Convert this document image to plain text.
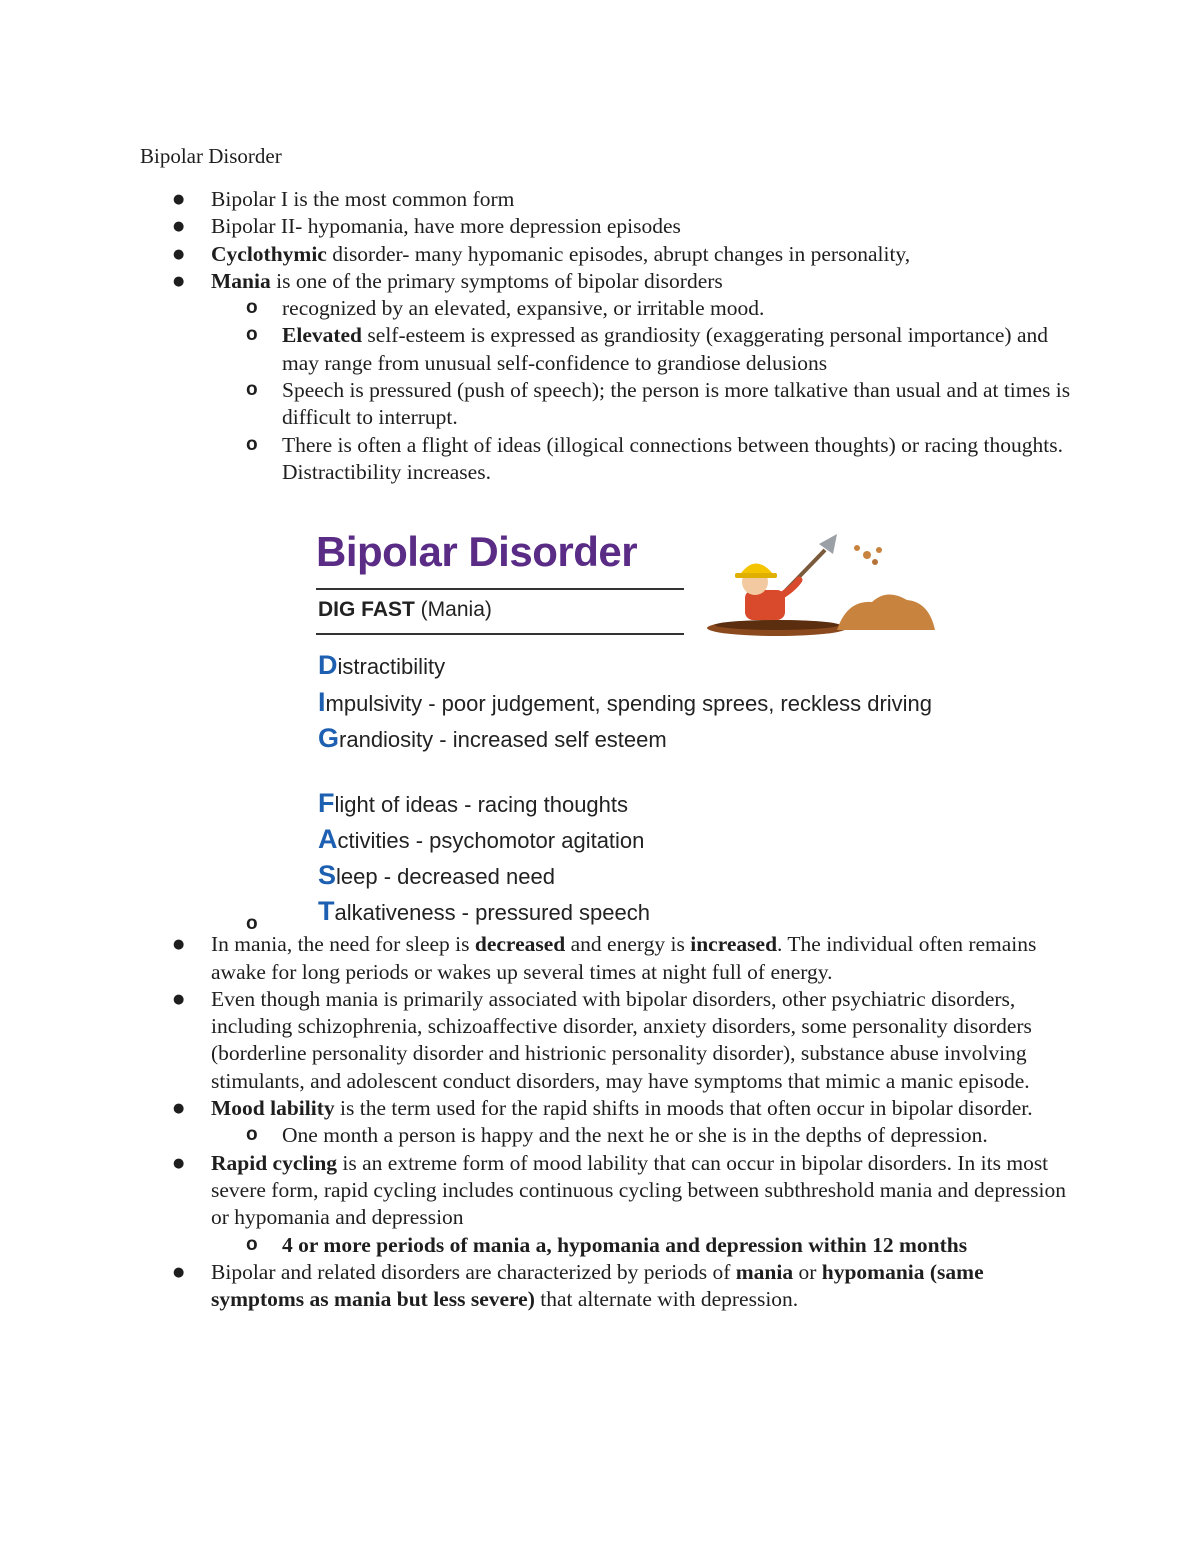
Bipolar Disorder
● Bipolar I is the most common form
● Bipolar II- hypomania, have more depression episodes
● Cyclothymic disorder- many hypomanic episodes, abrupt changes in personality,
● Mania is one of the primary symptoms of bipolar disorders
o recognized by an elevated, expansive, or irritable mood.
o Elevated self-esteem is expressed as grandiosity (exaggerating personal importance) and may range from unusual self-confidence to grandiose delusions
o Speech is pressured (push of speech); the person is more talkative than usual and at times is difficult to interrupt.
o There is often a flight of ideas (illogical connections between thoughts) or racing thoughts. Distractibility increases.
o
● In mania, the need for sleep is decreased and energy is increased. The individual often remains awake for long periods or wakes up several times at night full of energy.
● Even though mania is primarily associated with bipolar disorders, other psychiatric disorders, including schizophrenia, schizoaffective disorder, anxiety disorders, some personality disorders (borderline personality disorder and histrionic personality disorder), substance abuse involving stimulants, and adolescent conduct disorders, may have symptoms that mimic a manic episode.
● Mood lability is the term used for the rapid shifts in moods that often occur in bipolar disorder.
o One month a person is happy and the next he or she is in the depths of depression.
● Rapid cycling is an extreme form of mood lability that can occur in bipolar disorders. In its most severe form, rapid cycling includes continuous cycling between subthreshold mania and depression or hypomania and depression
o 4 or more periods of mania a, hypomania and depression within 12 months
● Bipolar and related disorders are characterized by periods of mania or hypomania (same symptoms as mania but less severe) that alternate with depression.
Bipolar Disorder
DIG FAST (Mania)
Distractibility
Impulsivity - poor judgement, spending sprees, reckless driving
Grandiosity - increased self esteem
Flight of ideas - racing thoughts
Activities - psychomotor agitation
Sleep - decreased need
Talkativeness - pressured speech
